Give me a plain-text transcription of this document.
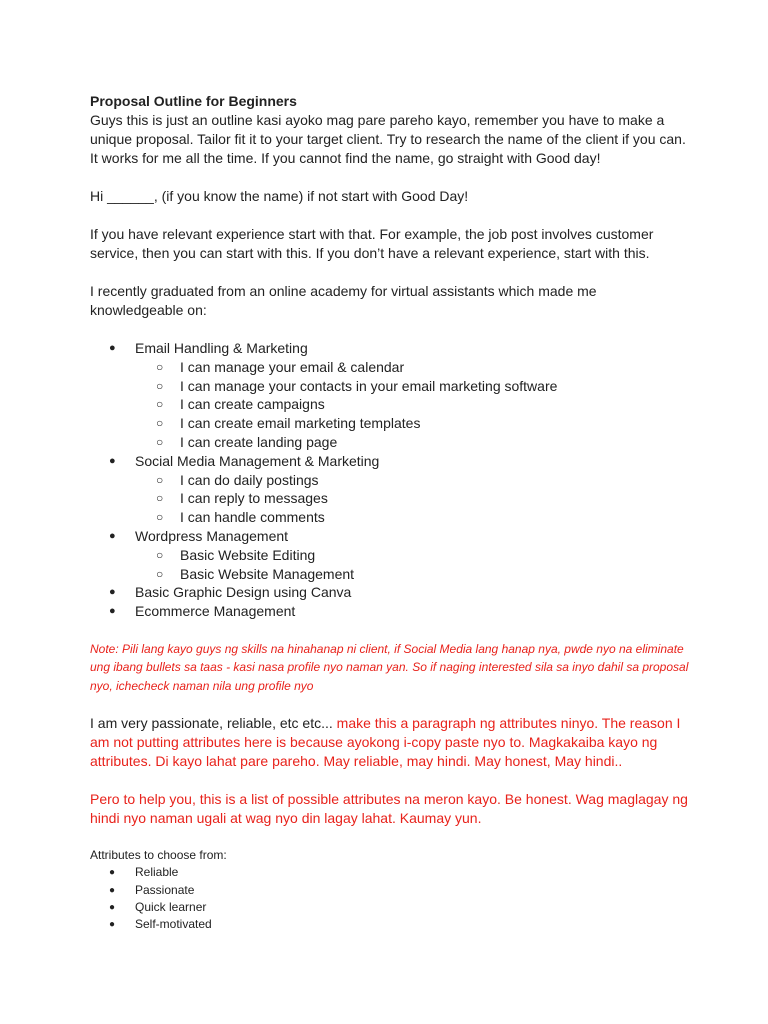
Proposal Outline for Beginners

Guys this is just an outline kasi ayoko mag pare pareho kayo, remember you have to make a unique proposal. Tailor fit it to your target client. Try to research the name of the client if you can. It works for me all the time. If you cannot find the name, go straight with Good day!

Hi ______, (if you know the name) if not start with Good Day!

If you have relevant experience start with that. For example, the job post involves customer service, then you can start with this. If you don’t have a relevant experience, start with this.

I recently graduated from an online academy for virtual assistants which made me knowledgeable on:

● Email Handling & Marketing
○ I can manage your email & calendar
○ I can manage your contacts in your email marketing software
○ I can create campaigns
○ I can create email marketing templates
○ I can create landing page
● Social Media Management & Marketing
○ I can do daily postings
○ I can reply to messages
○ I can handle comments
● Wordpress Management
○ Basic Website Editing
○ Basic Website Management
● Basic Graphic Design using Canva
● Ecommerce Management

Note: Pili lang kayo guys ng skills na hinahanap ni client, if Social Media lang hanap nya, pwde nyo na eliminate ung ibang bullets sa taas - kasi nasa profile nyo naman yan. So if naging interested sila sa inyo dahil sa proposal nyo, ichecheck naman nila ung profile nyo

I am very passionate, reliable, etc etc... make this a paragraph ng attributes ninyo. The reason I am not putting attributes here is because ayokong i-copy paste nyo to. Magkakaiba kayo ng attributes. Di kayo lahat pare pareho. May reliable, may hindi. May honest, May hindi..

Pero to help you, this is a list of possible attributes na meron kayo. Be honest. Wag maglagay ng hindi nyo naman ugali at wag nyo din lagay lahat. Kaumay yun.

Attributes to choose from:

● Reliable
● Passionate
● Quick learner
● Self-motivated
